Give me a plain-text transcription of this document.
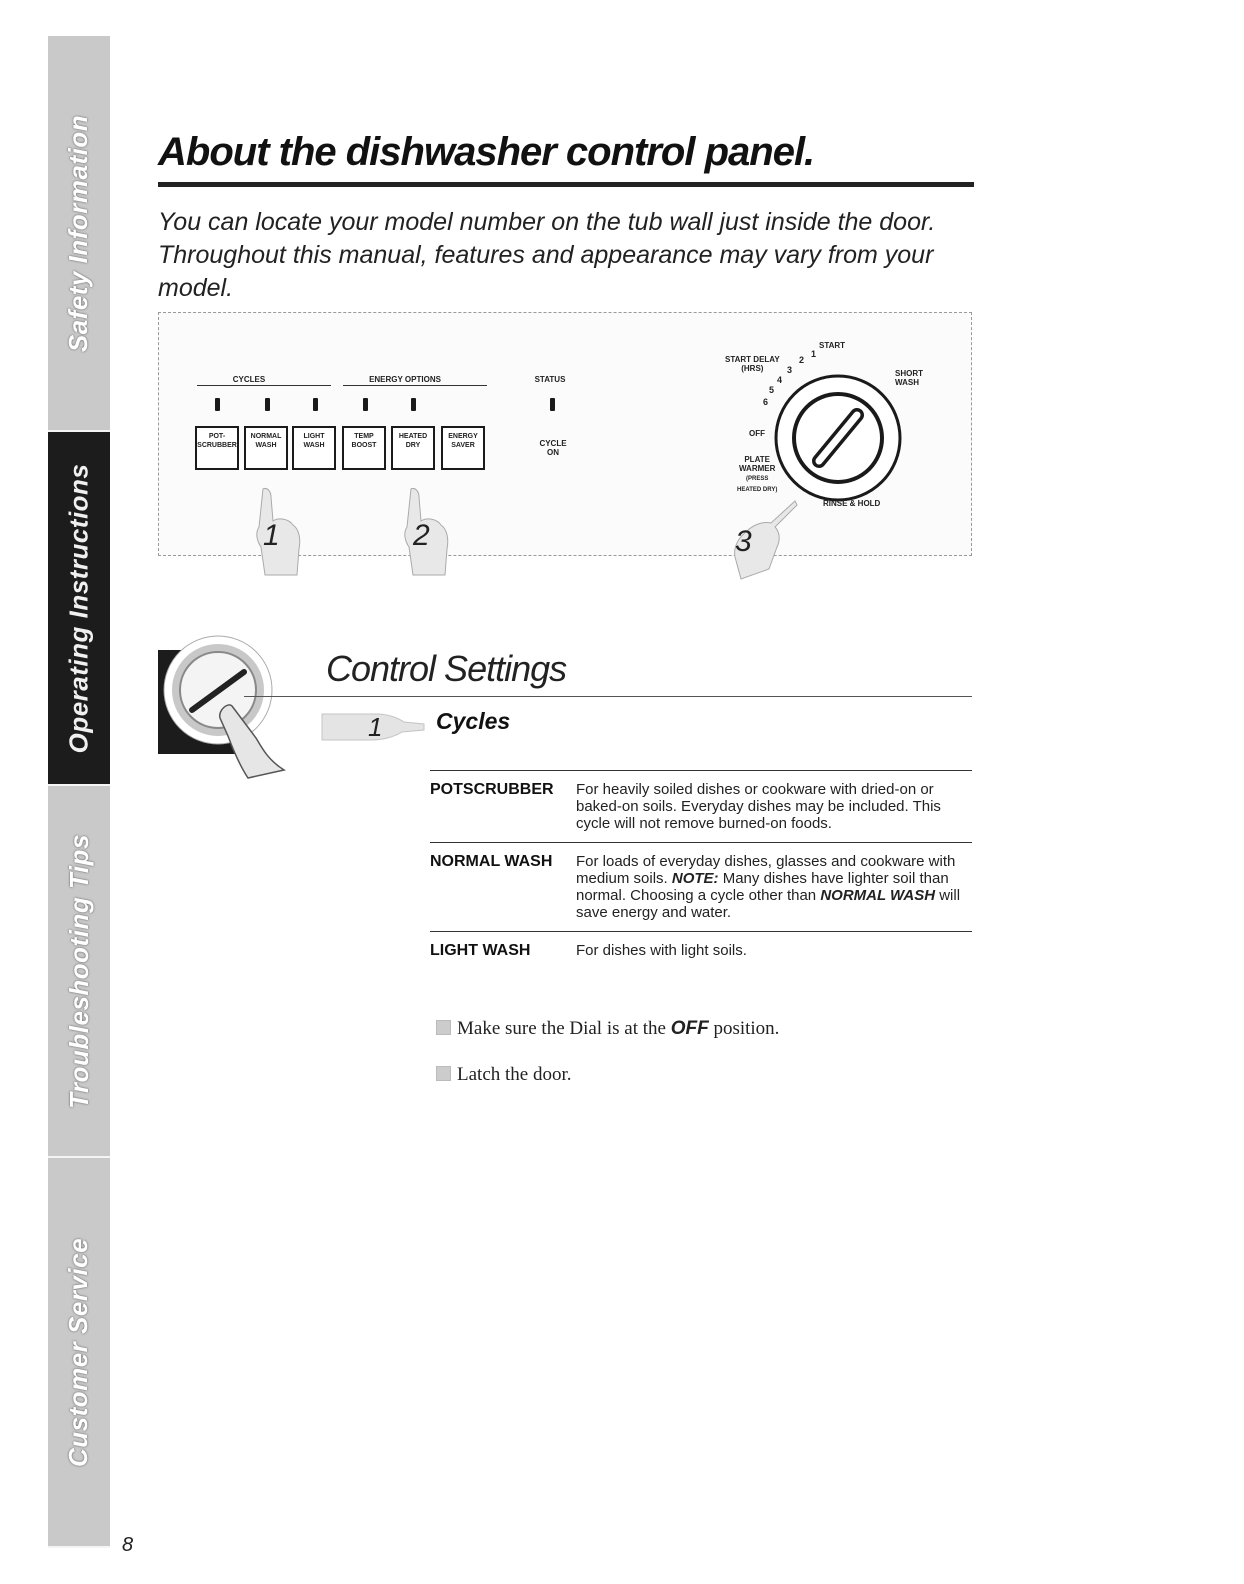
Safety Information
Operating Instructions
Troubleshooting Tips
Customer Service
8
About the dishwasher control panel.

You can locate your model number on the tub wall just inside the door.
Throughout this manual, features and appearance may vary from your model.

CYCLES	ENERGY OPTIONS	STATUS
POT-
SCRUBBER
NORMAL
WASH
LIGHT
WASH
TEMP
BOOST
HEATED
DRY
ENERGY
SAVER	CYCLE
ON
START
START DELAY
(HRS)
SHORT
WASH
1
2
3
4
5
6
OFF
PLATE
WARMER
(PRESS
HEATED DRY)
RINSE & HOLD
1	2	3
Control Settings
1 Cycles
POTSCRUBBER	For heavily soiled dishes or cookware with dried-on or baked-on soils. Everyday dishes may be included. This cycle will not remove burned-on foods.
NORMAL WASH	For loads of everyday dishes, glasses and cookware with medium soils. NOTE: Many dishes have lighter soil than normal. Choosing a cycle other than NORMAL WASH will save energy and water.
LIGHT WASH	For dishes with light soils.
Make sure the Dial is at the OFF position.
Latch the door.
